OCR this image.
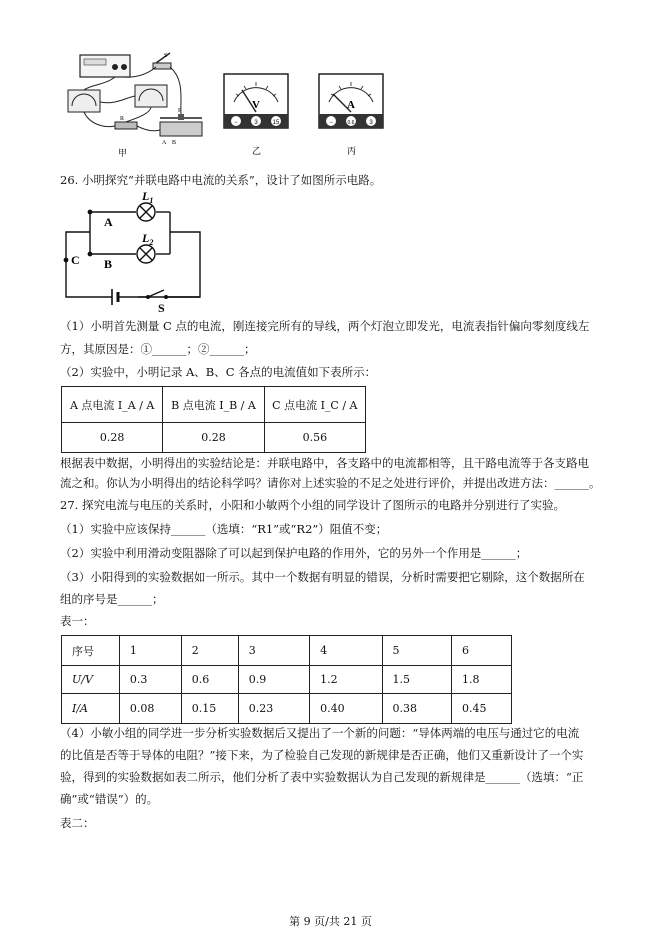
S
R
P
A B
甲
V
−	3 15
乙
A
−	0.6 3
丙
26. 小明探究“并联电路中电流的关系”，设计了如图所示电路。
$L_1$
$L_2$
A
B
C
S
（1）小明首先测量 C 点的电流，刚连接完所有的导线，两个灯泡立即发光，电流表指针偏向零刻度线左
方，其原因是：①______；②______；
（2）实验中，小明记录 A、B、C 各点的电流值如下表所示：
A 点电流 I_A / A	B 点电流 I_B / A	C 点电流 I_C / A
0.28	0.28	0.56
根据表中数据，小明得出的实验结论是：并联电路中，各支路中的电流都相等，且干路电流等于各支路电
流之和。你认为小明得出的结论科学吗？请你对上述实验的不足之处进行评价，并提出改进方法：______。
27. 探究电流与电压的关系时，小阳和小敏两个小组的同学设计了图所示的电路并分别进行了实验。
（1）实验中应该保持______（选填：“R1”或“R2”）阻值不变；
（2）实验中利用滑动变阻器除了可以起到保护电路的作用外，它的另外一个作用是______；
（3）小阳得到的实验数据如一所示。其中一个数据有明显的错误，分析时需要把它剔除，这个数据所在
组的序号是______；
表一：
序号	1	2	3	4	5	6
U/V	0.3	0.6	0.9	1.2	1.5	1.8
I/A	0.08	0.15	0.23	0.40	0.38	0.45
（4）小敏小组的同学进一步分析实验数据后又提出了一个新的问题：“导体两端的电压与通过它的电流
的比值是否等于导体的电阻？”接下来，为了检验自己发现的新规律是否正确，他们又重新设计了一个实
验，得到的实验数据如表二所示，他们分析了表中实验数据认为自己发现的新规律是______（选填：“正
确”或“错误”）的。
表二：
第 9 页/共 21 页
